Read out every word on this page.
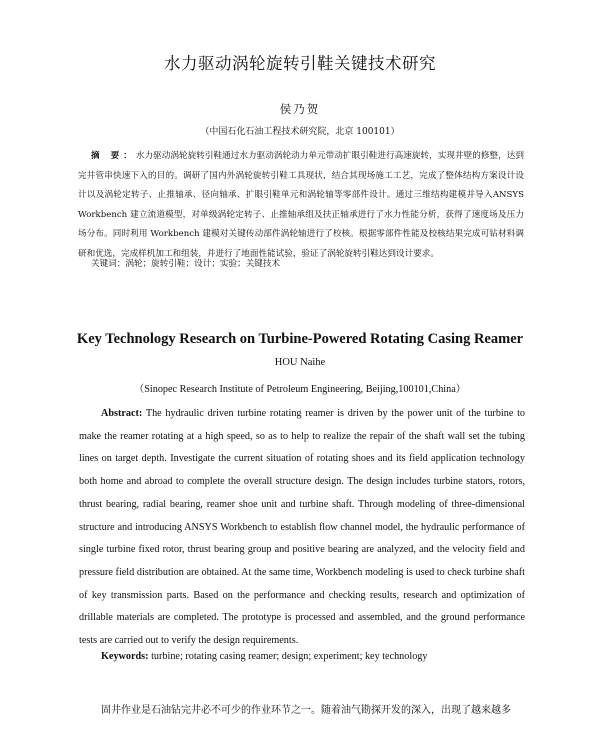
水力驱动涡轮旋转引鞋关键技术研究
侯乃贺
（中国石化石油工程技术研究院，北京 100101）
摘 要：水力驱动涡轮旋转引鞋通过水力驱动涡轮动力单元带动扩眼引鞋进行高速旋转，实现井壁的修整，达到完井管串快速下入的目的。调研了国内外涡轮旋转引鞋工具现状，结合其现场施工工艺，完成了整体结构方案设计设计以及涡轮定转子、止推轴承、径向轴承、扩眼引鞋单元和涡轮轴等零部件设计。通过三维结构建模并导入ANSYS Workbench 建立流道模型，对单级涡轮定转子、止推轴承组及扶正轴承进行了水力性能分析，获得了速度场及压力场分布。同时利用 Workbench 建模对关键传动部件涡轮轴进行了校核。根据零部件性能及校核结果完成可钻材料调研和优选，完成样机加工和组装，并进行了地面性能试验，验证了涡轮旋转引鞋达到设计要求。
关键词：涡轮；旋转引鞋；设计；实验；关键技术
Key Technology Research on Turbine-Powered Rotating Casing Reamer
HOU Naihe
（Sinopec Research Institute of Petroleum Engineering, Beijing,100101,China）
Abstract: The hydraulic driven turbine rotating reamer is driven by the power unit of the turbine to make the reamer rotating at a high speed, so as to help to realize the repair of the shaft wall set the tubing lines on target depth. Investigate the current situation of rotating shoes and its field application technology both home and abroad to complete the overall structure design. The design includes turbine stators, rotors, thrust bearing, radial bearing, reamer shoe unit and turbine shaft. Through modeling of three-dimensional structure and introducing ANSYS Workbench to establish flow channel model, the hydraulic performance of single turbine fixed rotor, thrust bearing group and positive bearing are analyzed, and the velocity field and pressure field distribution are obtained. At the same time, Workbench modeling is used to check turbine shaft of key transmission parts. Based on the performance and checking results, research and optimization of drillable materials are completed. The prototype is processed and assembled, and the ground performance tests are carried out to verify the design requirements.
Keywords: turbine; rotating casing reamer; design; experiment; key technology
固井作业是石油钻完井必不可少的作业环节之一。随着油气勘探开发的深入，出现了越来越多
